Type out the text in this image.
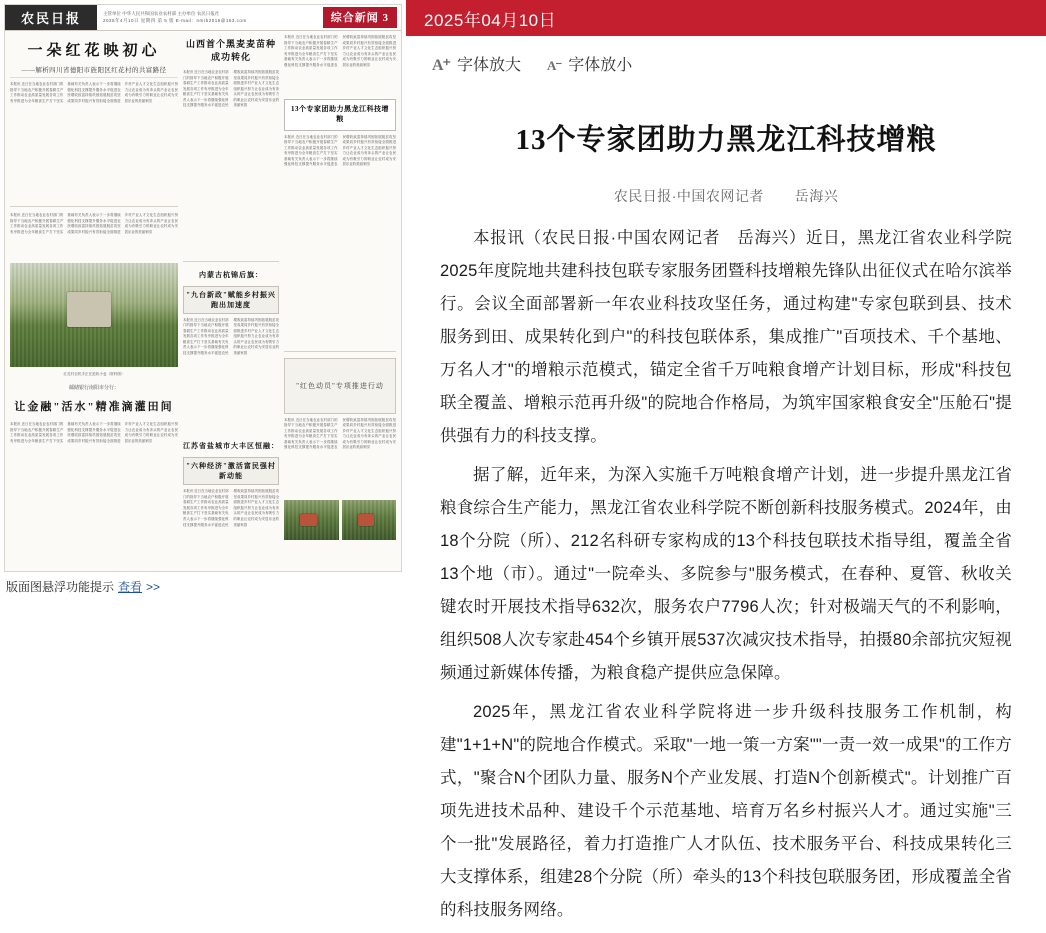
农民日报	主管单位 中华人民共和国农业农村部 主办单位 农民日报社
2025年4月10日 星期四 第 5 版 E-mail：nmrb2016@163.com	综合新闻 3
一朵红花映初心
——解析四川省德阳市旌阳区红花村的共富路径
本报讯 近日在当地农业农村部门的指导下当地农户积极开展春耕生产工作推动农业高质量发展各项工作有序推进为全年粮食生产打下坚实基础有关负责人表示下一步将继续强化科技支撑提升服务水平促进农民增收致富持续巩固拓展脱贫攻坚成果同乡村振兴有效衔接全面推进乡村产业人才文化生态组织振兴努力让农业成为有奔头的产业让农民成为有吸引力的职业让农村成为安居乐业的美丽家园
本报讯 近日在当地农业农村部门的指导下当地农户积极开展春耕生产工作推动农业高质量发展各项工作有序推进为全年粮食生产打下坚实基础有关负责人表示下一步将继续强化科技支撑提升服务水平促进农民增收致富持续巩固拓展脱贫攻坚成果同乡村振兴有效衔接全面推进乡村产业人才文化生态组织振兴努力让农业成为有奔头的产业让农民成为有吸引力的职业让农村成为安居乐业的美丽家园
红花村农机手正在抢收小麦（资料图）
邮储银行南阳市分行：
让金融"活水"精准滴灌田间
本报讯 近日在当地农业农村部门的指导下当地农户积极开展春耕生产工作推动农业高质量发展各项工作有序推进为全年粮食生产打下坚实基础有关负责人表示下一步将继续强化科技支撑提升服务水平促进农民增收致富持续巩固拓展脱贫攻坚成果同乡村振兴有效衔接全面推进乡村产业人才文化生态组织振兴努力让农业成为有奔头的产业让农民成为有吸引力的职业让农村成为安居乐业的美丽家园
山西首个黑麦麦苗种成功转化
本报讯 近日在当地农业农村部门的指导下当地农户积极开展春耕生产工作推动农业高质量发展各项工作有序推进为全年粮食生产打下坚实基础有关负责人表示下一步将继续强化科技支撑提升服务水平促进农民增收致富持续巩固拓展脱贫攻坚成果同乡村振兴有效衔接全面推进乡村产业人才文化生态组织振兴努力让农业成为有奔头的产业让农民成为有吸引力的职业让农村成为安居乐业的美丽家园
内蒙古杭锦后旗：
"九台新政"赋能乡村振兴跑出加速度
本报讯 近日在当地农业农村部门的指导下当地农户积极开展春耕生产工作推动农业高质量发展各项工作有序推进为全年粮食生产打下坚实基础有关负责人表示下一步将继续强化科技支撑提升服务水平促进农民增收致富持续巩固拓展脱贫攻坚成果同乡村振兴有效衔接全面推进乡村产业人才文化生态组织振兴努力让农业成为有奔头的产业让农民成为有吸引力的职业让农村成为安居乐业的美丽家园
江苏省盐城市大丰区恒融：
"六种经济"激活富民强村新动能
本报讯 近日在当地农业农村部门的指导下当地农户积极开展春耕生产工作推动农业高质量发展各项工作有序推进为全年粮食生产打下坚实基础有关负责人表示下一步将继续强化科技支撑提升服务水平促进农民增收致富持续巩固拓展脱贫攻坚成果同乡村振兴有效衔接全面推进乡村产业人才文化生态组织振兴努力让农业成为有奔头的产业让农民成为有吸引力的职业让农村成为安居乐业的美丽家园
本报讯 近日在当地农业农村部门的指导下当地农户积极开展春耕生产工作推动农业高质量发展各项工作有序推进为全年粮食生产打下坚实基础有关负责人表示下一步将继续强化科技支撑提升服务水平促进农民增收致富持续巩固拓展脱贫攻坚成果同乡村振兴有效衔接全面推进乡村产业人才文化生态组织振兴努力让农业成为有奔头的产业让农民成为有吸引力的职业让农村成为安居乐业的美丽家园
13个专家团助力黑龙江科技增粮
本报讯 近日在当地农业农村部门的指导下当地农户积极开展春耕生产工作推动农业高质量发展各项工作有序推进为全年粮食生产打下坚实基础有关负责人表示下一步将继续强化科技支撑提升服务水平促进农民增收致富持续巩固拓展脱贫攻坚成果同乡村振兴有效衔接全面推进乡村产业人才文化生态组织振兴努力让农业成为有奔头的产业让农民成为有吸引力的职业让农村成为安居乐业的美丽家园
"红色动员"专项推进行动
本报讯 近日在当地农业农村部门的指导下当地农户积极开展春耕生产工作推动农业高质量发展各项工作有序推进为全年粮食生产打下坚实基础有关负责人表示下一步将继续强化科技支撑提升服务水平促进农民增收致富持续巩固拓展脱贫攻坚成果同乡村振兴有效衔接全面推进乡村产业人才文化生态组织振兴努力让农业成为有奔头的产业让农民成为有吸引力的职业让农村成为安居乐业的美丽家园
版面图悬浮功能提示 查看 >>
2025年04月10日
A⁺ 字体放大 A⁻ 字体放小
13个专家团助力黑龙江科技增粮
农民日报·中国农网记者 岳海兴

本报讯（农民日报·中国农网记者　岳海兴）近日，黑龙江省农业科学院2025年度院地共建科技包联专家服务团暨科技增粮先锋队出征仪式在哈尔滨举行。会议全面部署新一年农业科技攻坚任务，通过构建"专家包联到县、技术服务到田、成果转化到户"的科技包联体系，集成推广"百项技术、千个基地、万名人才"的增粮示范模式，锚定全省千万吨粮食增产计划目标，形成"科技包联全覆盖、增粮示范再升级"的院地合作格局，为筑牢国家粮食安全"压舱石"提供强有力的科技支撑。

据了解，近年来，为深入实施千万吨粮食增产计划，进一步提升黑龙江省粮食综合生产能力，黑龙江省农业科学院不断创新科技服务模式。2024年，由18个分院（所）、212名科研专家构成的13个科技包联技术指导组，覆盖全省13个地（市）。通过"一院牵头、多院参与"服务模式，在春种、夏管、秋收关键农时开展技术指导632次，服务农户7796人次；针对极端天气的不利影响，组织508人次专家赴454个乡镇开展537次减灾技术指导，拍摄80余部抗灾短视频通过新媒体传播，为粮食稳产提供应急保障。

2025年，黑龙江省农业科学院将进一步升级科技服务工作机制，构建"1+1+N"的院地合作模式。采取"一地一策一方案""一责一效一成果"的工作方式，"聚合N个团队力量、服务N个产业发展、打造N个创新模式"。计划推广百项先进技术品种、建设千个示范基地、培育万名乡村振兴人才。通过实施"三个一批"发展路径，着力打造推广人才队伍、技术服务平台、科技成果转化三大支撑体系，组建28个分院（所）牵头的13个科技包联服务团，形成覆盖全省的科技服务网络。
